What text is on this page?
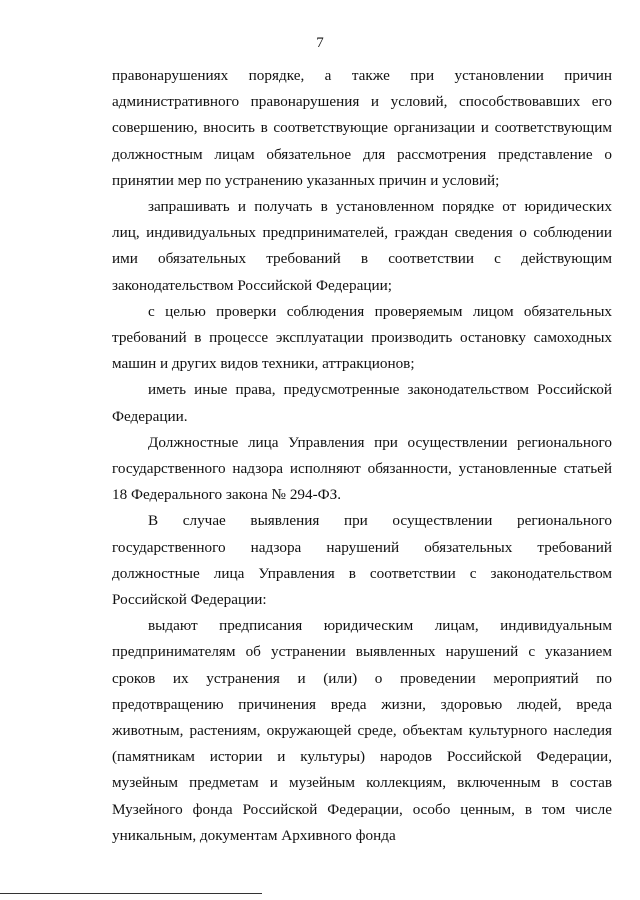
7

правонарушениях порядке, а также при установлении причин административного правонарушения и условий, способствовавших его совершению, вносить в соответствующие организации и соответствующим должностным лицам обязательное для рассмотрения представление о принятии мер по устранению указанных причин и условий;

запрашивать и получать в установленном порядке от юридических лиц, индивидуальных предпринимателей, граждан сведения о соблюдении ими обязательных требований в соответствии с действующим законодательством Российской Федерации;

с целью проверки соблюдения проверяемым лицом обязательных требований в процессе эксплуатации производить остановку самоходных машин и других видов техники, аттракционов;

иметь иные права, предусмотренные законодательством Российской Федерации.

Должностные лица Управления при осуществлении регионального государственного надзора исполняют обязанности, установленные статьей 18 Федерального закона № 294-ФЗ.

В случае выявления при осуществлении регионального государственного надзора нарушений обязательных требований должностные лица Управления в соответствии с законодательством Российской Федерации:

выдают предписания юридическим лицам, индивидуальным предпринимателям об устранении выявленных нарушений с указанием сроков их устранения и (или) о проведении мероприятий по предотвращению причинения вреда жизни, здоровью людей, вреда животным, растениям, окружающей среде, объектам культурного наследия (памятникам истории и культуры) народов Российской Федерации, музейным предметам и музейным коллекциям, включенным в состав Музейного фонда Российской Федерации, особо ценным, в том числе уникальным, документам Архивного фонда
